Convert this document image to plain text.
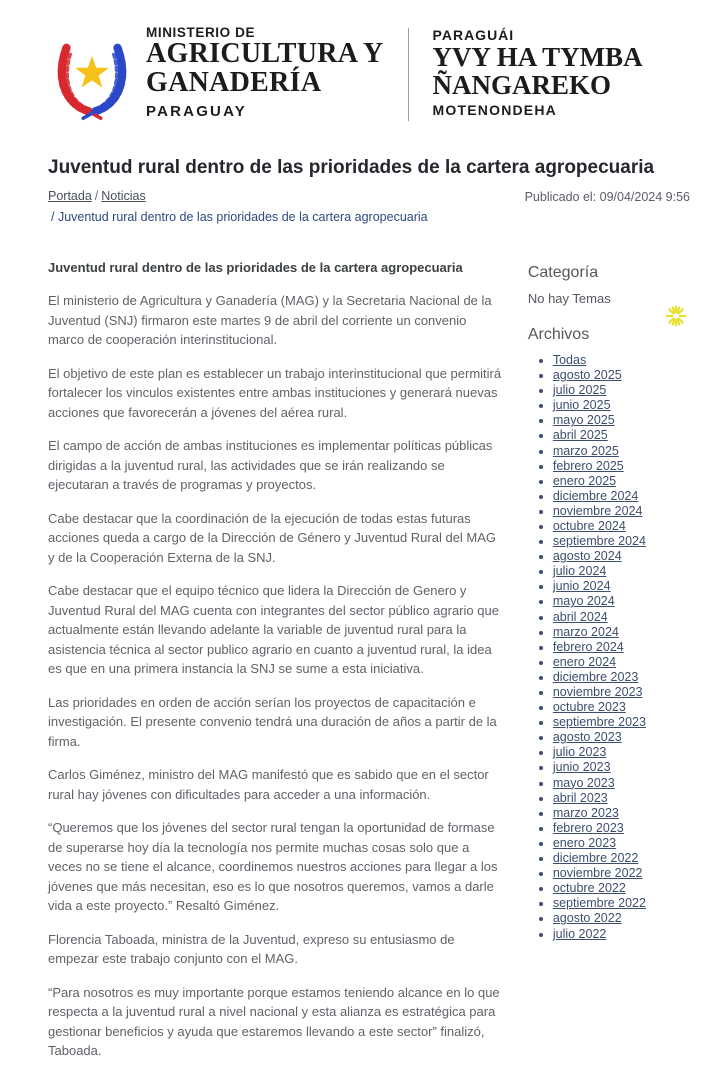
MINISTERIO DE
AGRICULTURA Y
GANADERÍA
PARAGUAY
PARAGUÁI
YVY HA TYMBA
ÑANGAREKO
MOTENONDEHA
Juventud rural dentro de las prioridades de la cartera agropecuaria
Portada / Noticias
/ Juventud rural dentro de las prioridades de la cartera agropecuaria
Publicado el: 09/04/2024 9:56

Juventud rural dentro de las prioridades de la cartera agropecuaria

El ministerio de Agricultura y Ganadería (MAG) y la Secretaria Nacional de la Juventud (SNJ) firmaron este martes 9 de abril del corriente un convenio marco de cooperación interinstitucional.

El objetivo de este plan es establecer un trabajo interinstitucional que permitirá fortalecer los vinculos existentes entre ambas instituciones y generará nuevas acciones que favorecerán a jóvenes del aérea rural.

El campo de acción de ambas instituciones es implementar políticas públicas dirigidas a la juventud rural, las actividades que se irán realizando se ejecutaran a través de programas y proyectos.

Cabe destacar que la coordinación de la ejecución de todas estas futuras acciones queda a cargo de la Dirección de Género y Juventud Rural del MAG y de la Cooperación Externa de la SNJ.

Cabe destacar que el equipo técnico que lidera la Dirección de Genero y Juventud Rural del MAG cuenta con integrantes del sector público agrario que actualmente están llevando adelante la variable de juventud rural para la asistencia técnica al sector publico agrario en cuanto a juventud rural, la idea es que en una primera instancia la SNJ se sume a esta iniciativa.

Las prioridades en orden de acción serían los proyectos de capacitación e investigación. El presente convenio tendrá una duración de años a partir de la firma.

Carlos Giménez, ministro del MAG manifestó que es sabido que en el sector rural hay jóvenes con dificultades para acceder a una información.

“Queremos que los jóvenes del sector rural tengan la oportunidad de formase de superarse hoy día la tecnología nos permite muchas cosas solo que a veces no se tiene el alcance, coordinemos nuestros acciones para llegar a los jóvenes que más necesitan, eso es lo que nosotros queremos, vamos a darle vida a este proyecto.” Resaltó Giménez.

Florencia Taboada, ministra de la Juventud, expreso su entusiasmo de empezar este trabajo conjunto con el MAG.

“Para nosotros es muy importante porque estamos teniendo alcance en lo que respecta a la juventud rural a nivel nacional y esta alianza es estratégica para gestionar beneficios y ayuda que estaremos llevando a este sector” finalizó, Taboada.

Categoría
No hay Temas
Archivos
• Todas
• agosto 2025
• julio 2025
• junio 2025
• mayo 2025
• abril 2025
• marzo 2025
• febrero 2025
• enero 2025
• diciembre 2024
• noviembre 2024
• octubre 2024
• septiembre 2024
• agosto 2024
• julio 2024
• junio 2024
• mayo 2024
• abril 2024
• marzo 2024
• febrero 2024
• enero 2024
• diciembre 2023
• noviembre 2023
• octubre 2023
• septiembre 2023
• agosto 2023
• julio 2023
• junio 2023
• mayo 2023
• abril 2023
• marzo 2023
• febrero 2023
• enero 2023
• diciembre 2022
• noviembre 2022
• octubre 2022
• septiembre 2022
• agosto 2022
• julio 2022
